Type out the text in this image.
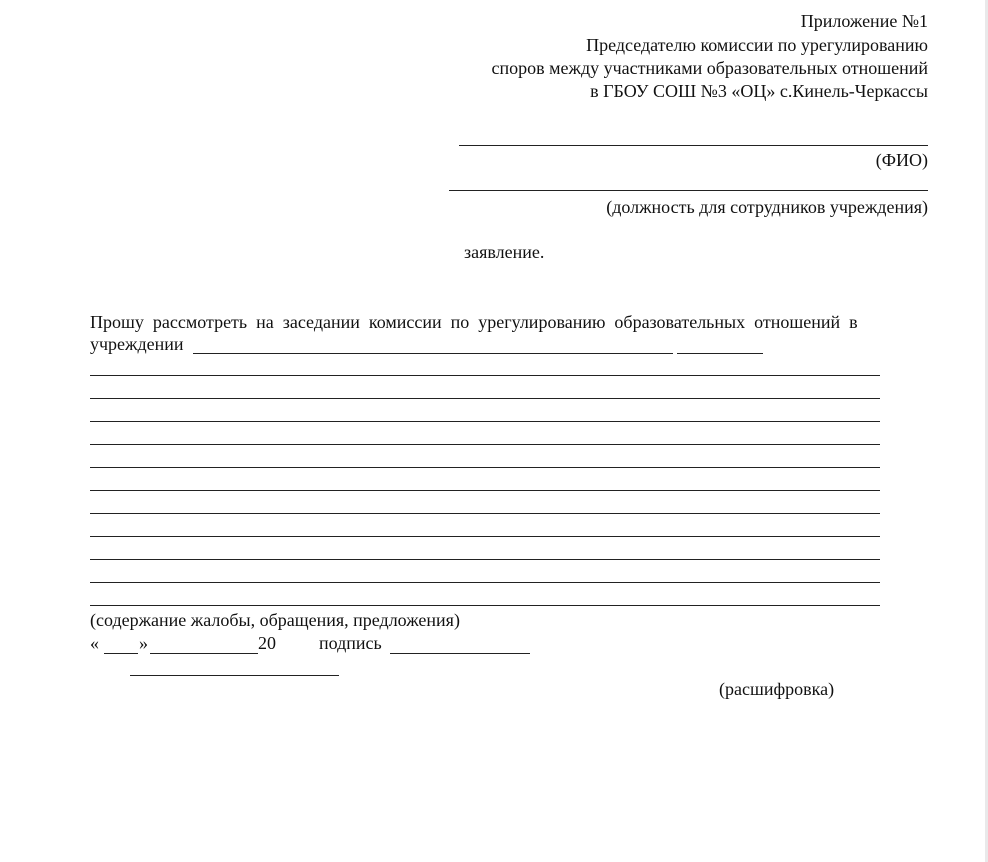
Приложение №1
Председателю комиссии по урегулированию
споров между участниками образовательных отношений
в ГБОУ СОШ №3 «ОЦ» с.Кинель-Черкассы
(ФИО)
(должность для сотрудников учреждения)
заявление.
Прошу  рассмотреть  на  заседании  комиссии  по  урегулированию  образовательных  отношений  в
учреждении
(содержание жалобы, обращения, предложения)
« »	20 подпись
(расшифровка)
